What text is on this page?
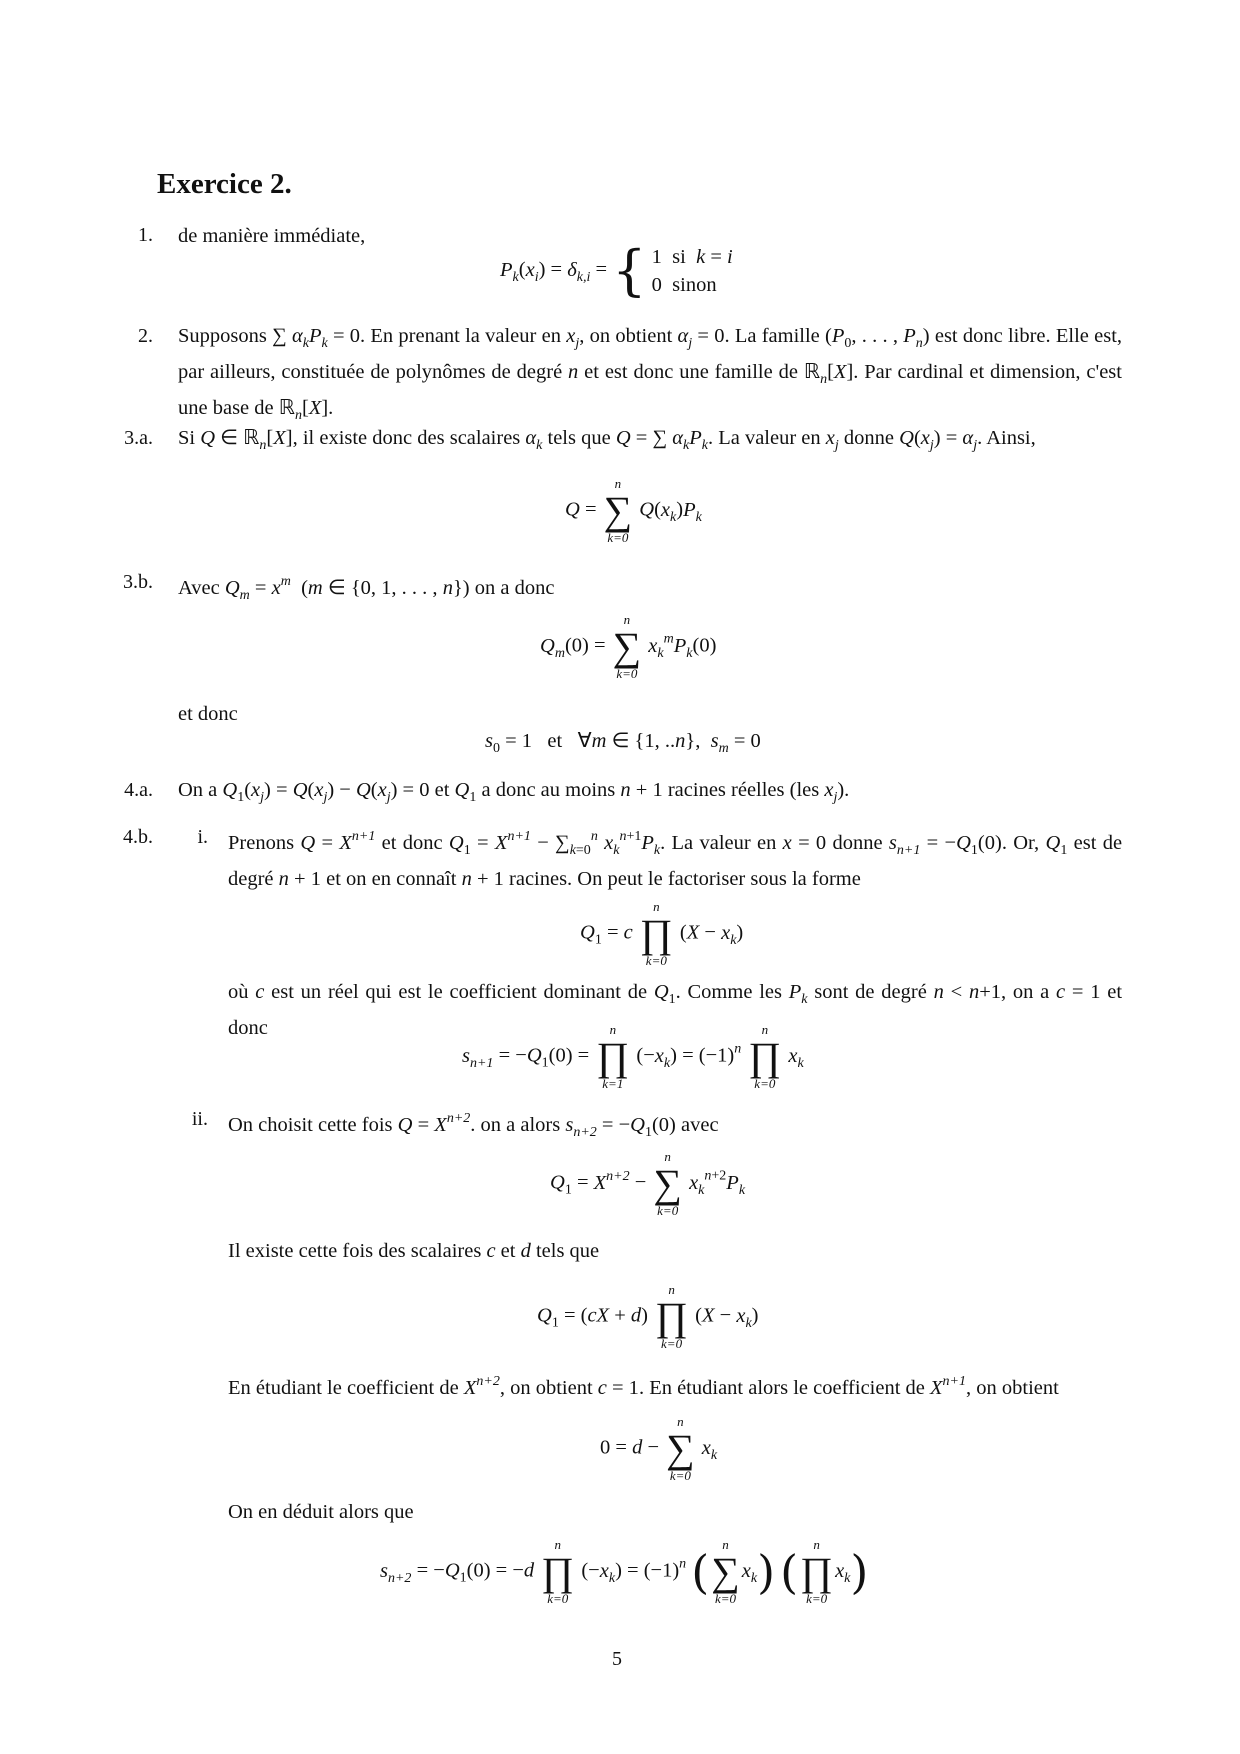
Exercice 2.
1. de manière immédiate,
$P_k(x_i) = \delta_{k,i}$ = { 1  si k = i
0  sinon
2. Supposons ∑ $\alpha_kP_k = 0$. En prenant la valeur en $x_j$, on obtient $\alpha_j = 0$. La famille ($P_0$, . . . , $P_n$) est donc libre. Elle est, par ailleurs, constituée de polynômes de degré n et est donc une famille de ℝ$_n$[X]. Par cardinal et dimension, c'est une base de ℝ$_n$[X].
3.a. Si Q ∈ ℝ$_n$[X], il existe donc des scalaires $\alpha_k$ tels que Q = ∑ $\alpha_kP_k$. La valeur en $x_j$ donne $Q(x_j) = \alpha_j$. Ainsi,
Q =
n
∑
k=0
$Q(x_k)P_k$
3.b. Avec $Q_m = x^m$  (m ∈ {0, 1, . . . , n}) on a donc
$Q_m(0)$ =
n
∑
k=0
$x_k^mP_k(0)$
et donc
$s_0 = 1$   et   ∀m ∈ {1, ..n},  $s_m = 0$
4.a. On a $Q_1(x_j) = Q(x_j) - Q(x_j) = 0$ et $Q_1$ a donc au moins n + 1 racines réelles (les $x_j$).
4.b.	i. Prenons $Q = X^{n+1}$ et donc $Q_1 = X^{n+1} - \sum_{k=0}^n$ $x_k^{n+1}P_k$. La valeur en x = 0 donne $s_{n+1} = -Q_1(0)$. Or, $Q_1$ est de degré n + 1 et on en connaît n + 1 racines. On peut le factoriser sous la forme
$Q_1 = c$
n
∏
k=0
$(X - x_k)$
où c est un réel qui est le coefficient dominant de $Q_1$. Comme les $P_k$ sont de degré n < n+1, on a c = 1 et donc
$s_{n+1} = -Q_1(0)$ =
n
∏
k=1
$(-x_k) = (-1)^n$
n
∏
k=0
$x_k$
ii. On choisit cette fois $Q = X^{n+2}$. on a alors $s_{n+2} = -Q_1(0)$ avec
$Q_1 = X^{n+2}$ −
n
∑
k=0
$x_k^{n+2}P_k$
Il existe cette fois des scalaires c et d tels que
$Q_1 = (cX + d)$
n
∏
k=0
$(X - x_k)$
En étudiant le coefficient de $X^{n+2}$, on obtient c = 1. En étudiant alors le coefficient de $X^{n+1}$, on obtient
0 = d −
n
∑
k=0
$x_k$
On en déduit alors que
$s_{n+2} = -Q_1(0) = -d$
n
∏
k=0
$(-x_k) = (-1)^n$ (
n
∑
k=0
$x_k$) (
n
∏
k=0
$x_k$)
5
